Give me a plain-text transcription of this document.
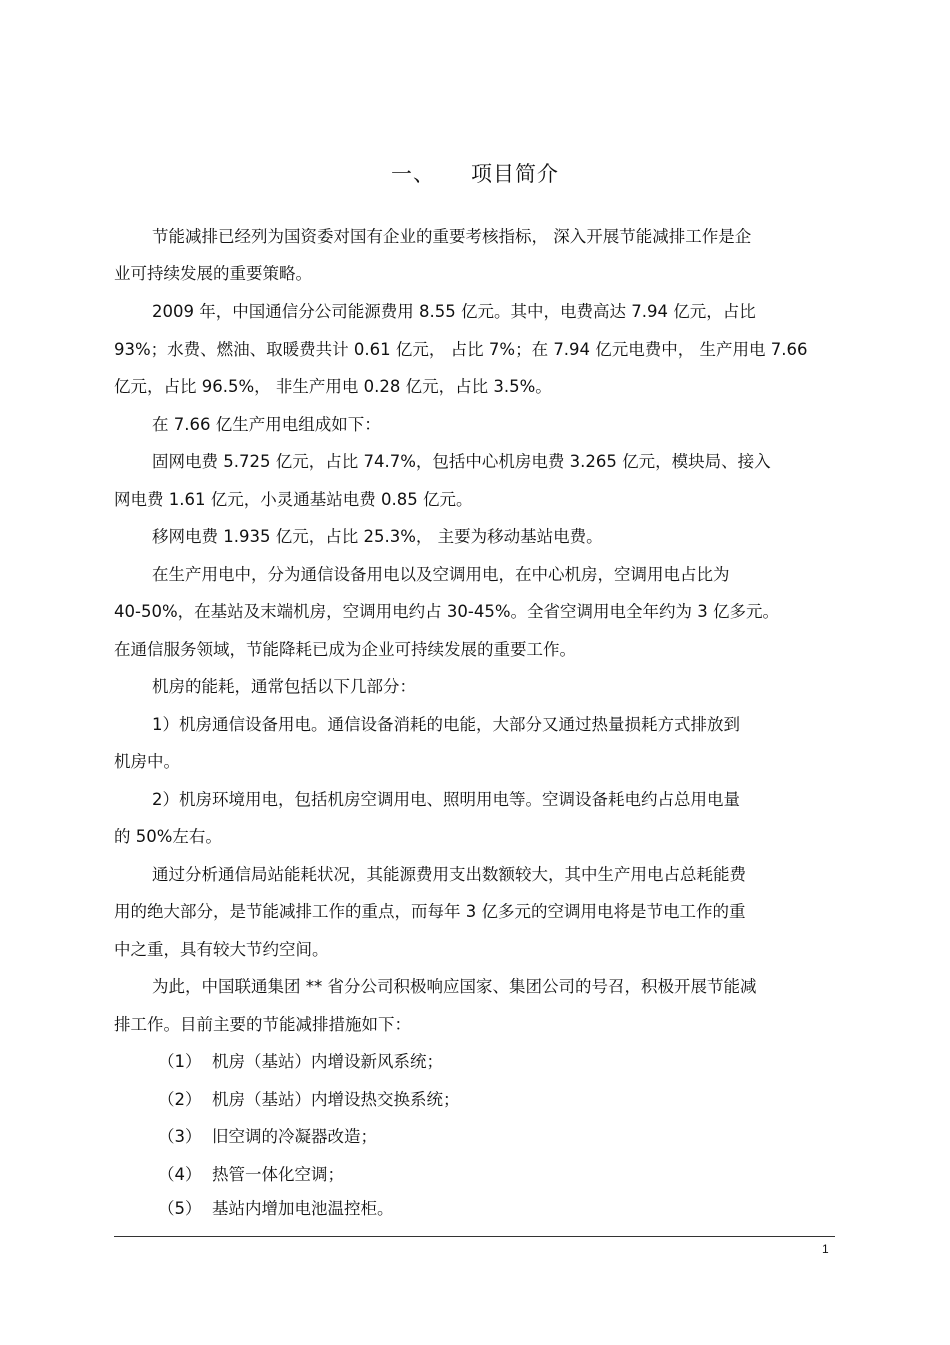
一、 项目简介
节能减排已经列为国资委对国有企业的重要考核指标， 深入开展节能减排工作是企
业可持续发展的重要策略。
2009 年，中国通信分公司能源费用 8.55 亿元。其中，电费高达 7.94 亿元，占比
93%；水费、燃油、取暖费共计 0.61 亿元， 占比 7%；在 7.94 亿元电费中， 生产用电 7.66
亿元，占比 96.5%， 非生产用电 0.28 亿元，占比 3.5%。
在 7.66 亿生产用电组成如下：
固网电费 5.725 亿元，占比 74.7%，包括中心机房电费 3.265 亿元，模块局、接入
网电费 1.61 亿元，小灵通基站电费 0.85 亿元。
移网电费 1.935 亿元，占比 25.3%， 主要为移动基站电费。
在生产用电中，分为通信设备用电以及空调用电，在中心机房，空调用电占比为
40-50%，在基站及末端机房，空调用电约占 30-45%。全省空调用电全年约为 3 亿多元。
在通信服务领域，节能降耗已成为企业可持续发展的重要工作。
机房的能耗，通常包括以下几部分：
1）机房通信设备用电。通信设备消耗的电能，大部分又通过热量损耗方式排放到
机房中。
2）机房环境用电，包括机房空调用电、照明用电等。空调设备耗电约占总用电量
的 50%左右。
通过分析通信局站能耗状况，其能源费用支出数额较大，其中生产用电占总耗能费
用的绝大部分，是节能减排工作的重点，而每年 3 亿多元的空调用电将是节电工作的重
中之重，具有较大节约空间。
为此，中国联通集团 ** 省分公司积极响应国家、集团公司的号召，积极开展节能减
排工作。目前主要的节能减排措施如下：
（1） 机房（基站）内增设新风系统；
（2） 机房（基站）内增设热交换系统；
（3） 旧空调的冷凝器改造；
（4） 热管一体化空调；
（5） 基站内增加电池温控柜。
1
